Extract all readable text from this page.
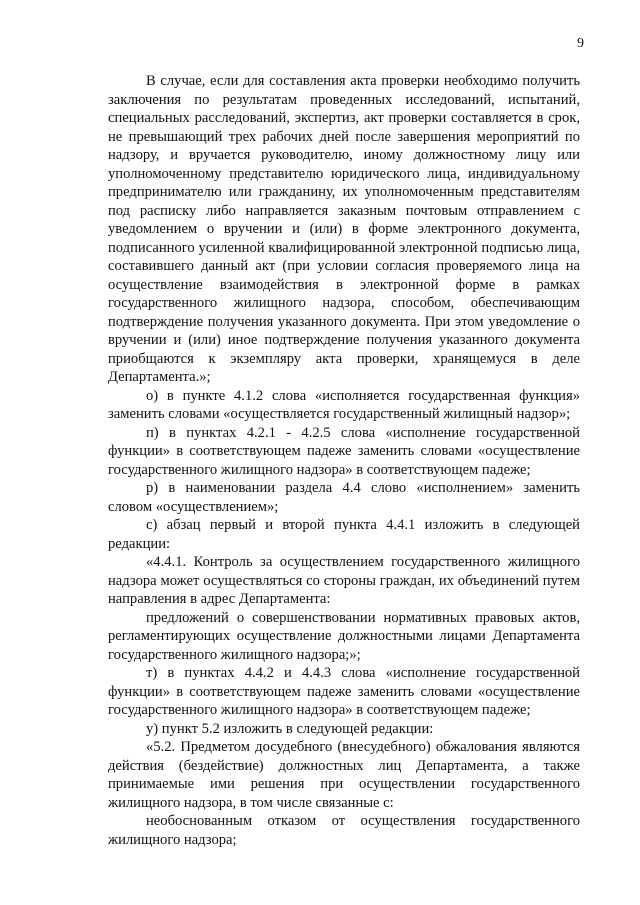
9

В случае, если для составления акта проверки необходимо получить заключения по результатам проведенных исследований, испытаний, специальных расследований, экспертиз, акт проверки составляется в срок, не превышающий трех рабочих дней после завершения мероприятий по надзору, и вручается руководителю, иному должностному лицу или уполномоченному представителю юридического лица, индивидуальному предпринимателю или гражданину, их уполномоченным представителям под расписку либо направляется заказным почтовым отправлением с уведомлением о вручении и (или) в форме электронного документа, подписанного усиленной квалифицированной электронной подписью лица, составившего данный акт (при условии согласия проверяемого лица на осуществление взаимодействия в электронной форме в рамках государственного жилищного надзора, способом, обеспечивающим подтверждение получения указанного документа. При этом уведомление о вручении и (или) иное подтверждение получения указанного документа приобщаются к экземпляру акта проверки, хранящемуся в деле Департамента.»;

о) в пункте 4.1.2 слова «исполняется государственная функция» заменить словами «осуществляется государственный жилищный надзор»;

п) в пунктах 4.2.1 - 4.2.5 слова «исполнение государственной функции» в соответствующем падеже заменить словами «осуществление государственного жилищного надзора» в соответствующем падеже;

р) в наименовании раздела 4.4 слово «исполнением» заменить словом «осуществлением»;

с) абзац первый и второй пункта 4.4.1 изложить в следующей редакции:

«4.4.1. Контроль за осуществлением государственного жилищного надзора может осуществляться со стороны граждан, их объединений путем направления в адрес Департамента:

предложений о совершенствовании нормативных правовых актов, регламентирующих осуществление должностными лицами Департамента государственного жилищного надзора;»;

т) в пунктах 4.4.2 и 4.4.3 слова «исполнение государственной функции» в соответствующем падеже заменить словами «осуществление государственного жилищного надзора» в соответствующем падеже;

у) пункт 5.2 изложить в следующей редакции:

«5.2. Предметом досудебного (внесудебного) обжалования являются действия (бездействие) должностных лиц Департамента, а также принимаемые ими решения при осуществлении государственного жилищного надзора, в том числе связанные с:

необоснованным отказом от осуществления государственного жилищного надзора;
